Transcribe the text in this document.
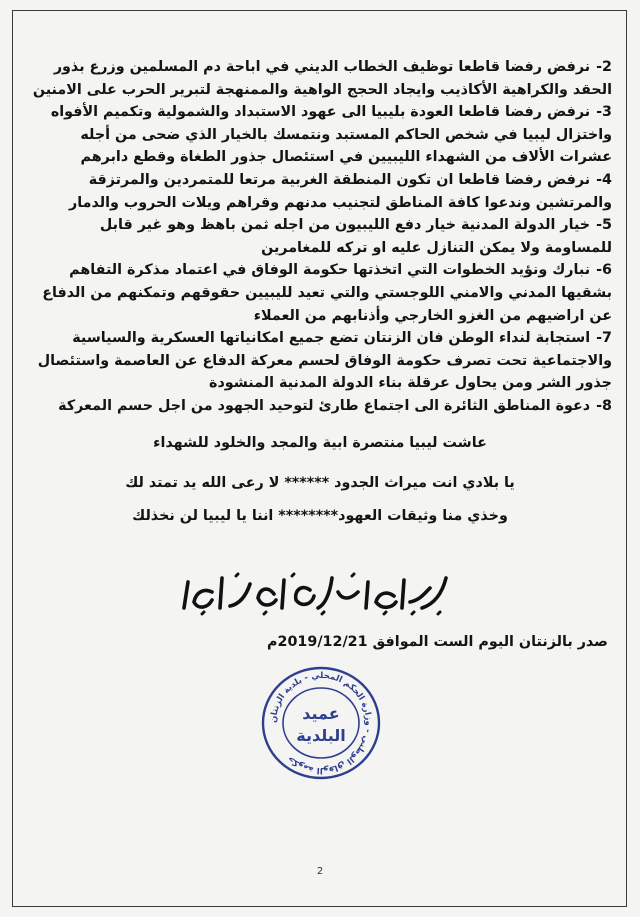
2-نرفض رفضا قاطعا توظيف الخطاب الديني في اباحة دم المسلمين وزرع بذور الحقد والكراهية الأكاذيب وايجاد الحجج الواهية والممنهجة لتبرير الحرب على الامنين

3-نرفض رفضا قاطعا العودة بليبيا الى عهود الاستبداد والشمولية وتكميم الأفواه واختزال ليبيا في شخص الحاكم المستبد ونتمسك بالخيار الذي ضحى من أجله عشرات الألاف من الشهداء الليبيين في استئصال جذور الطغاة وقطع دابرهم

4-نرفض رفضا قاطعا ان تكون المنطقة الغربية مرتعا للمتمردين والمرتزقة والمرتشين وندعوا كافة المناطق لتجنيب مدنهم وقراهم ويلات الحروب والدمار

5-خيار الدولة المدنية خيار دفع الليبيون من اجله ثمن باهظ وهو غير قابل للمساومة ولا يمكن التنازل عليه او تركه للمغامرين

6-نبارك ونؤيد الخطوات التي اتخذتها حكومة الوفاق في اعتماد مذكرة التفاهم بشقيها المدني والامني اللوجستي والتي تعيد لليبيين حقوقهم وتمكنهم من الدفاع عن اراضيهم من الغزو الخارجي وأذنابهم من العملاء

7-استجابة لنداء الوطن فان الزنتان تضع جميع امكانياتها العسكرية والسياسية والاجتماعية تحت تصرف حكومة الوفاق لحسم معركة الدفاع عن العاصمة واستئصال جذور الشر ومن يحاول عرقلة بناء الدولة المدنية المنشودة

8-دعوة المناطق الثائرة الى اجتماع طارئ لتوحيد الجهود من اجل حسم المعركة

عاشت ليبيا منتصرة ابية والمجد والخلود للشهداء

يا بلادي انت ميراث الجدود ****** لا رعى الله يد تمتد لك

وخذي منا وثيقات العهود******** اننا يا ليبيا لن نخذلك

والسلام عليكم ورحمة الله وبركاته
صدر بالزنتان اليوم الست الموافق 2019/12/21م
حكومة الوفاق الوطني - وزارة الحكم المحلي - بلدية الزنتان
عميد
البلدية
2
